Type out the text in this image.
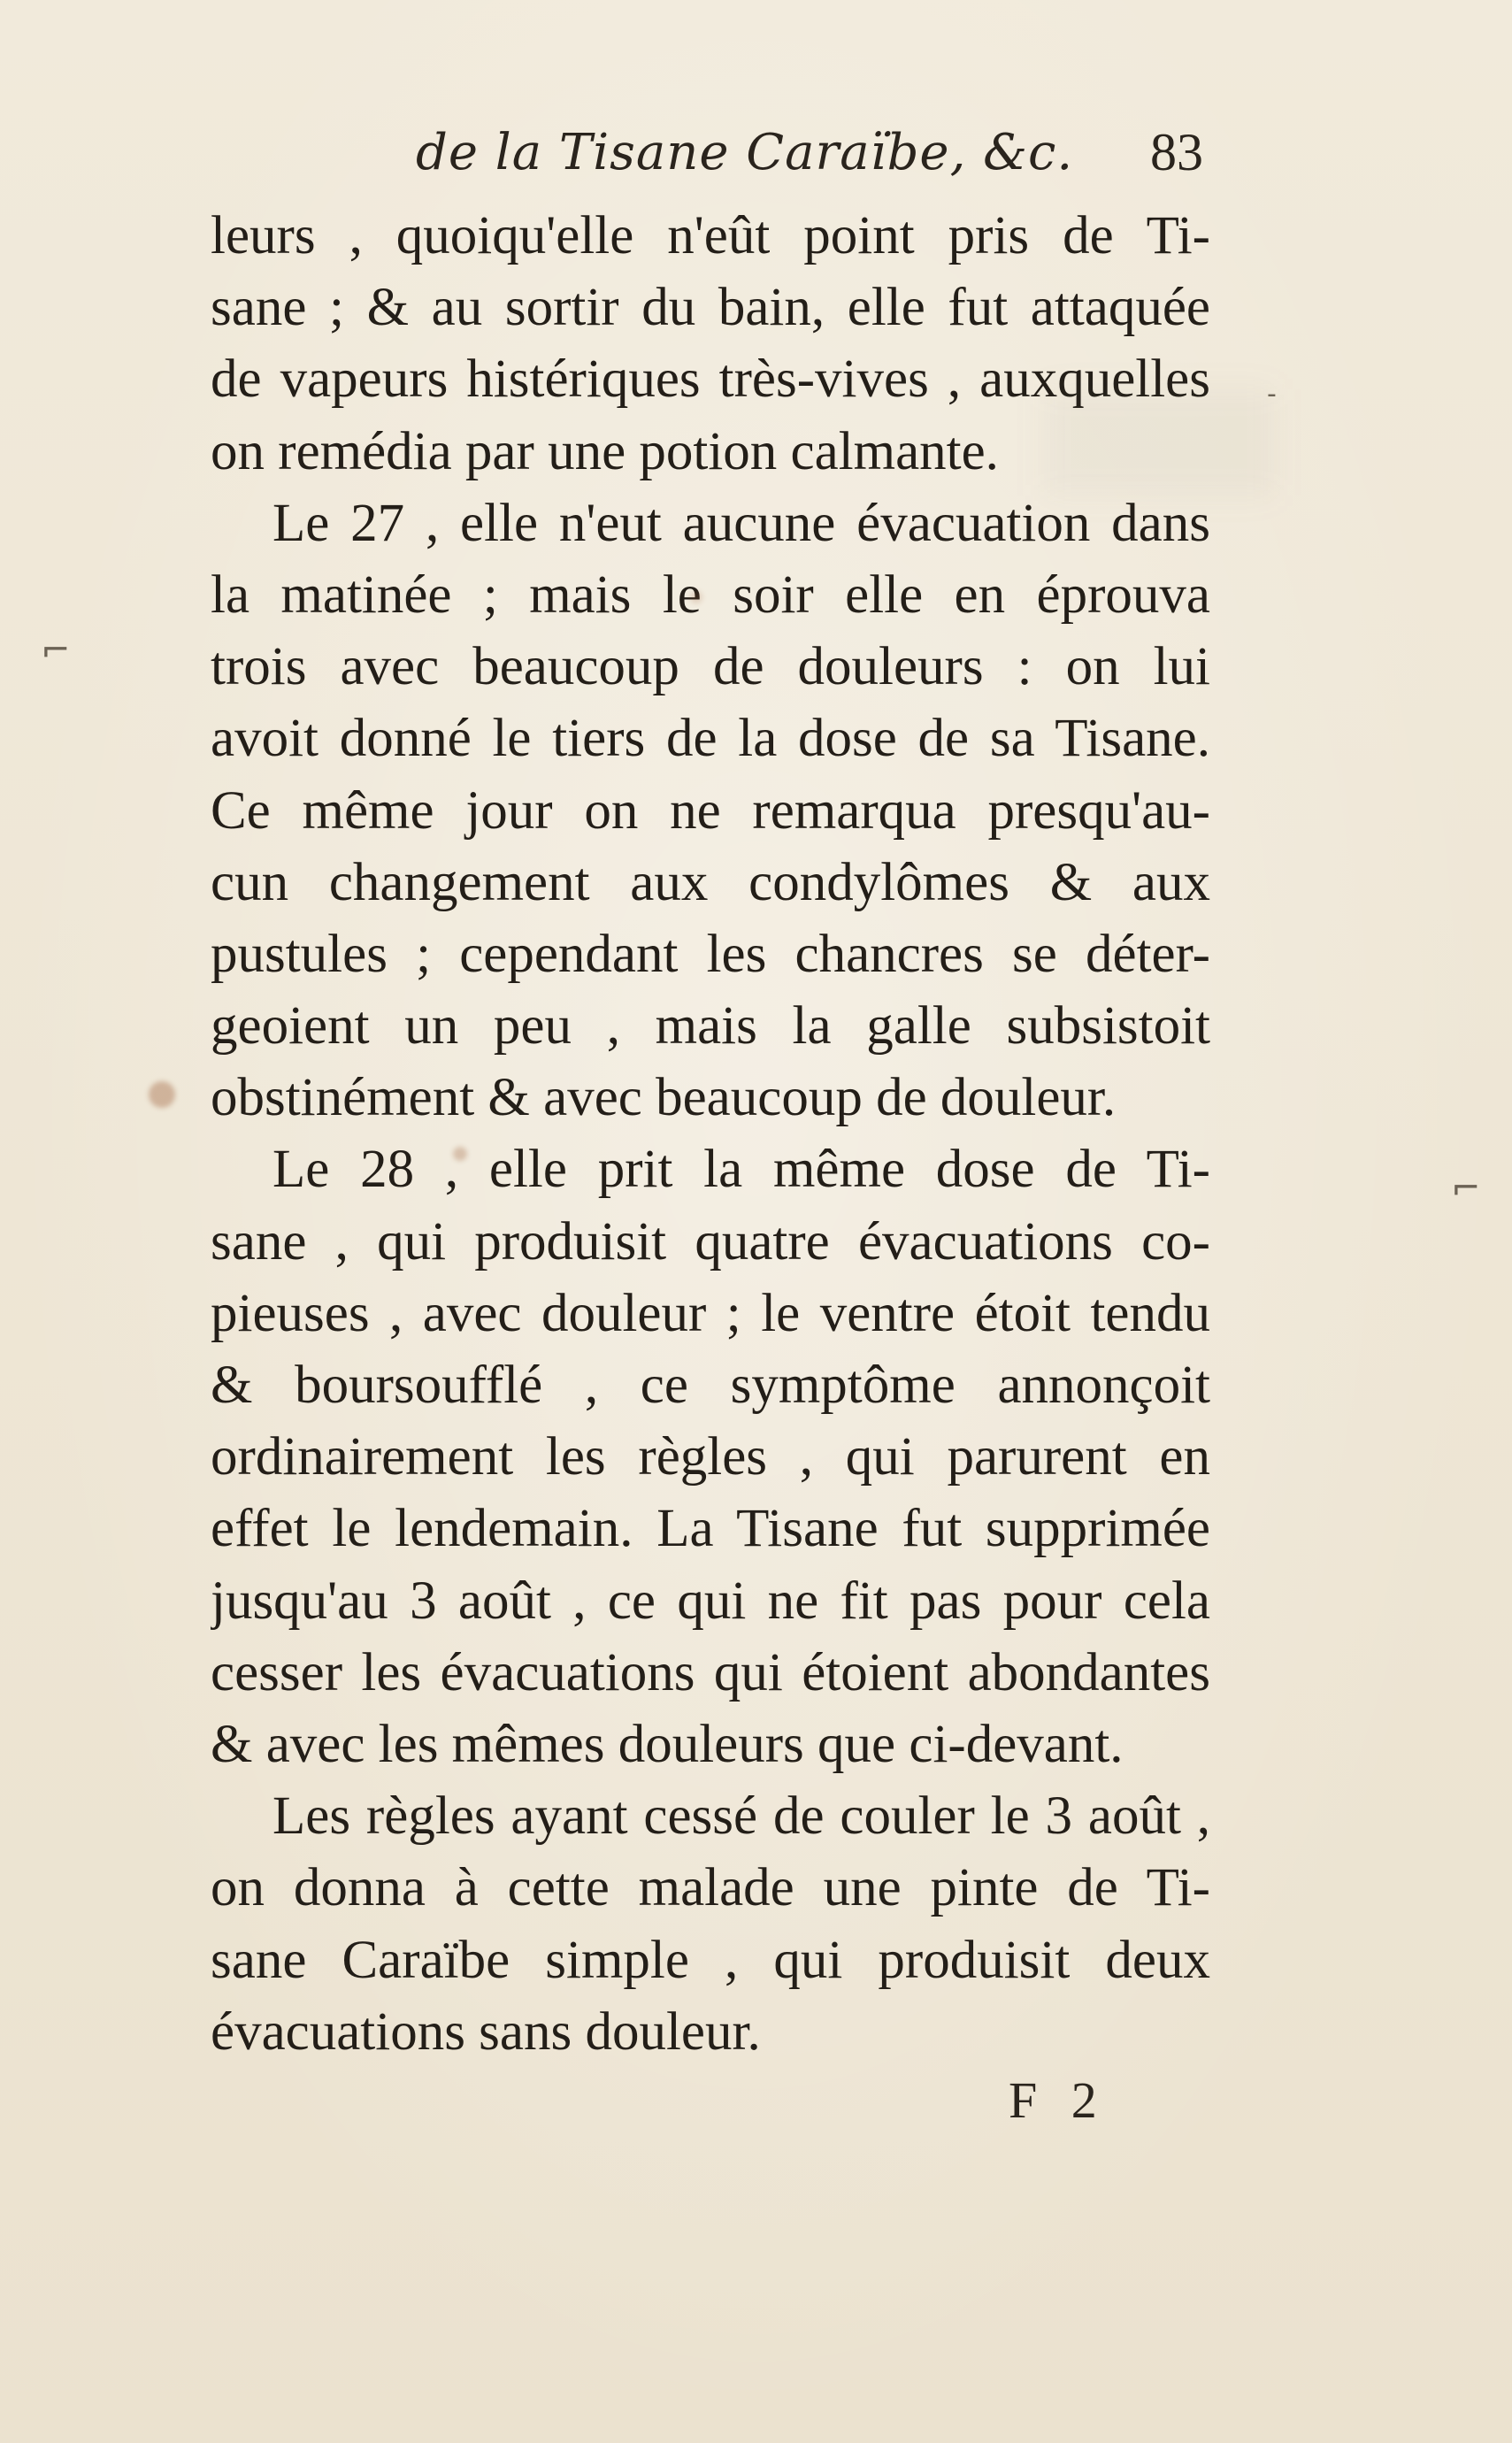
de la Tisane Caraïbe, &c.	83
leurs , quoiqu'elle n'eût point pris de Ti-
sane ; & au sortir du bain, elle fut attaquée
de vapeurs histériques très-vives , auxquelles
on remédia par une potion calmante.
Le 27 , elle n'eut aucune évacuation dans
la matinée ; mais le soir elle en éprouva
trois avec beaucoup de douleurs : on lui
avoit donné le tiers de la dose de sa Tisane.
Ce même jour on ne remarqua presqu'au-
cun changement aux condylômes & aux
pustules ; cependant les chancres se déter-
geoient un peu , mais la galle subsistoit
obstinément & avec beaucoup de douleur.
Le 28 , elle prit la même dose de Ti-
sane , qui produisit quatre évacuations co-
pieuses , avec douleur ; le ventre étoit tendu
& boursoufflé , ce symptôme annonçoit
ordinairement les règles , qui parurent en
effet le lendemain. La Tisane fut supprimée
jusqu'au 3 août , ce qui ne fit pas pour cela
cesser les évacuations qui étoient abondantes
& avec les mêmes douleurs que ci-devant.
Les règles ayant cessé de couler le 3 août ,
on donna à cette malade une pinte de Ti-
sane Caraïbe simple , qui produisit deux
évacuations sans douleur.
F 2
⌐
⌐
-
